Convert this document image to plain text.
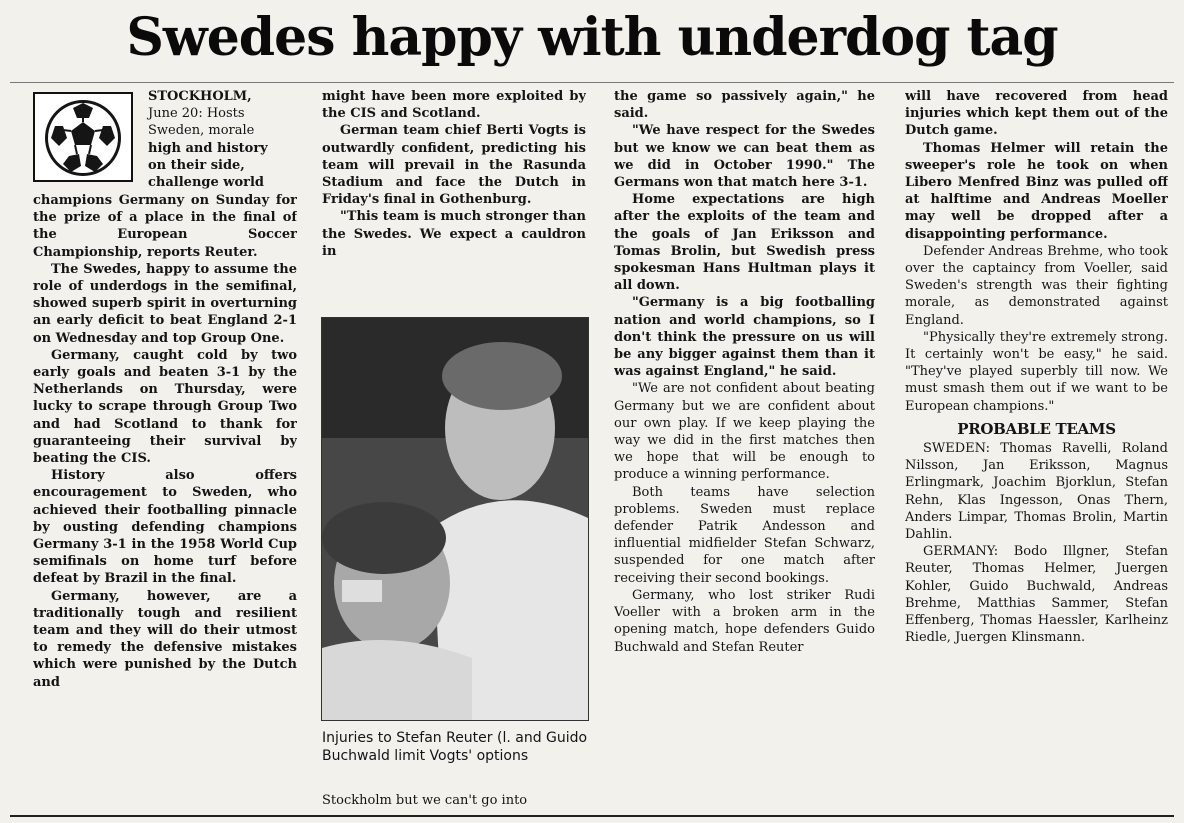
Swedes happy with underdog tag
STOCKHOLM,
June 20: Hosts
Sweden, morale
high and history
on their side,
challenge world

champions Germany on Sunday for the prize of a place in the final of the European Soccer Championship, reports Reuter.

The Swedes, happy to assume the role of underdogs in the semifinal, showed superb spirit in overturning an early deficit to beat England 2-1 on Wednesday and top Group One.

Germany, caught cold by two early goals and beaten 3-1 by the Netherlands on Thursday, were lucky to scrape through Group Two and had Scotland to thank for guaranteeing their survival by beating the CIS.

History also offers encouragement to Sweden, who achieved their footballing pinnacle by ousting defending champions Germany 3-1 in the 1958 World Cup semifinals on home turf before defeat by Brazil in the final.

Germany, however, are a traditionally tough and resilient team and they will do their utmost to remedy the defensive mistakes which were punished by the Dutch and

might have been more exploited by the CIS and Scotland.

German team chief Berti Vogts is outwardly confident, predicting his team will prevail in the Rasunda Stadium and face the Dutch in Friday's final in Gothenburg.

"This team is much stronger than the Swedes. We expect a cauldron in

Injuries to Stefan Reuter (l. and Guido Buchwald limit Vogts' options
Stockholm but we can't go into

the game so passively again," he said.

"We have respect for the Swedes but we know we can beat them as we did in October 1990." The Germans won that match here 3-1.

Home expectations are high after the exploits of the team and the goals of Jan Eriksson and Tomas Brolin, but Swedish press spokesman Hans Hultman plays it all down.

"Germany is a big footballing nation and world champions, so I don't think the pressure on us will be any bigger against them than it was against England," he said.

"We are not confident about beating Germany but we are confident about our own play. If we keep playing the way we did in the first matches then we hope that will be enough to produce a winning performance.

Both teams have selection problems. Sweden must replace defender Patrik Andesson and influential midfielder Stefan Schwarz, suspended for one match after receiving their second bookings.

Germany, who lost striker Rudi Voeller with a broken arm in the opening match, hope defenders Guido Buchwald and Stefan Reuter

will have recovered from head injuries which kept them out of the Dutch game.

Thomas Helmer will retain the sweeper's role he took on when Libero Menfred Binz was pulled off at halftime and Andreas Moeller may well be dropped after a disappointing performance.

Defender Andreas Brehme, who took over the captaincy from Voeller, said Sweden's strength was their fighting morale, as demonstrated against England.

"Physically they're extremely strong. It certainly won't be easy," he said. "They've played superbly till now. We must smash them out if we want to be European champions."

PROBABLE TEAMS

SWEDEN: Thomas Ravelli, Roland Nilsson, Jan Eriksson, Magnus Erlingmark, Joachim Bjorklun, Stefan Rehn, Klas Ingesson, Onas Thern, Anders Limpar, Thomas Brolin, Martin Dahlin.

GERMANY: Bodo Illgner, Stefan Reuter, Thomas Helmer, Juergen Kohler, Guido Buchwald, Andreas Brehme, Matthias Sammer, Stefan Effenberg, Thomas Haessler, Karlheinz Riedle, Juergen Klinsmann.
